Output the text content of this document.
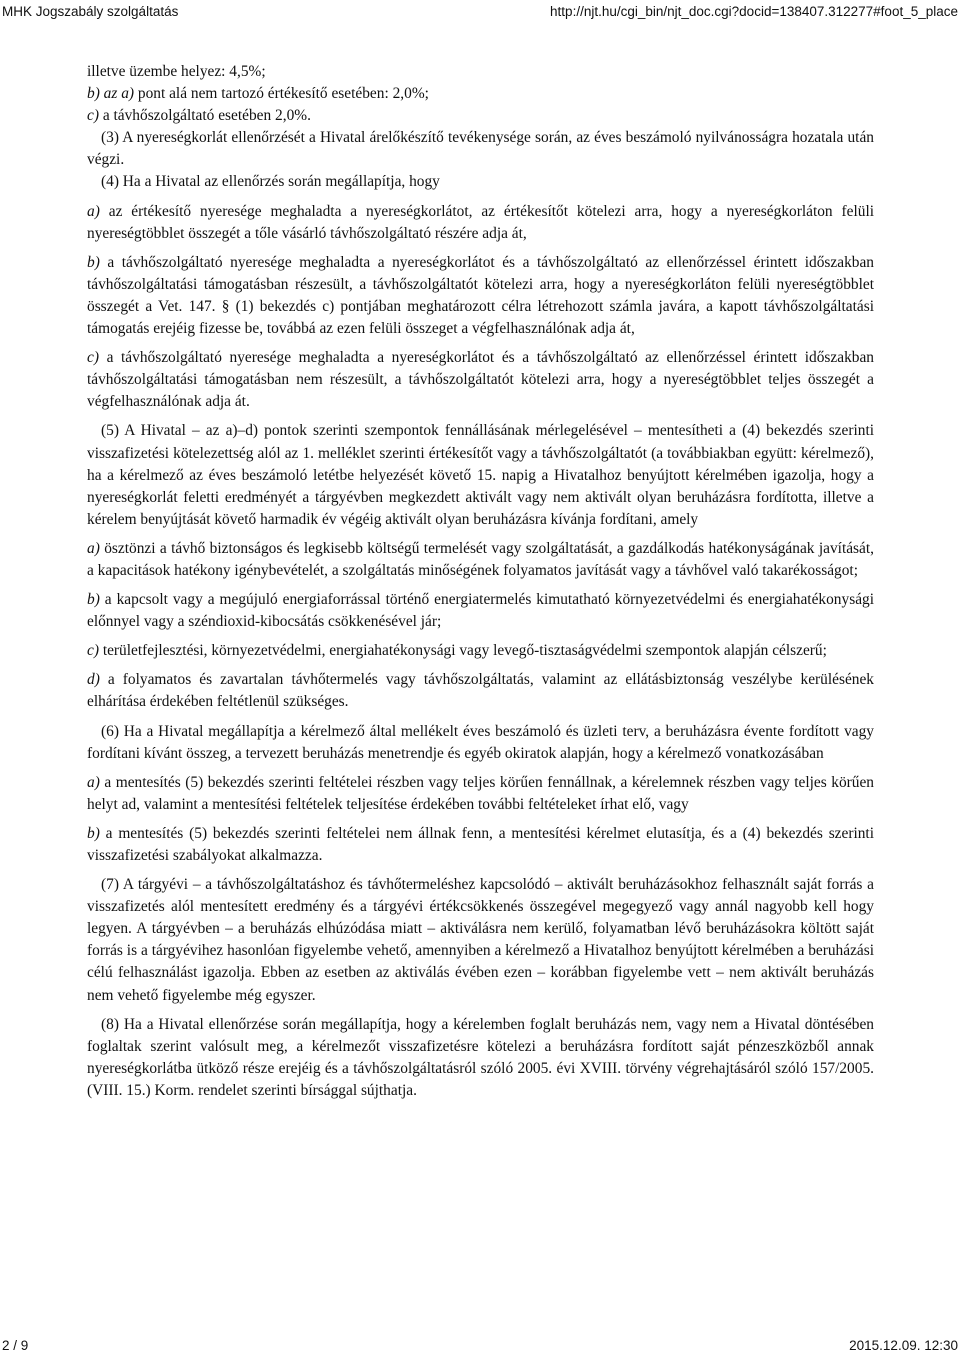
MHK Jogszabály szolgáltatás	http://njt.hu/cgi_bin/njt_doc.cgi?docid=138407.312277#foot_5_place

illetve üzembe helyez: 4,5%;

b) az a) pont alá nem tartozó értékesítő esetében: 2,0%;

c) a távhőszolgáltató esetében 2,0%.

(3) A nyereségkorlát ellenőrzését a Hivatal árelőkészítő tevékenysége során, az éves beszámoló nyilvánosságra hozatala után végzi.

(4) Ha a Hivatal az ellenőrzés során megállapítja, hogy

a) az értékesítő nyeresége meghaladta a nyereségkorlátot, az értékesítőt kötelezi arra, hogy a nyereségkorláton felüli nyereségtöbblet összegét a tőle vásárló távhőszolgáltató részére adja át,

b) a távhőszolgáltató nyeresége meghaladta a nyereségkorlátot és a távhőszolgáltató az ellenőrzéssel érintett időszakban távhőszolgáltatási támogatásban részesült, a távhőszolgáltatót kötelezi arra, hogy a nyereségkorláton felüli nyereségtöbblet összegét a Vet. 147. § (1) bekezdés c) pontjában meghatározott célra létrehozott számla javára, a kapott távhőszolgáltatási támogatás erejéig fizesse be, továbbá az ezen felüli összeget a végfelhasználónak adja át,

c) a távhőszolgáltató nyeresége meghaladta a nyereségkorlátot és a távhőszolgáltató az ellenőrzéssel érintett időszakban távhőszolgáltatási támogatásban nem részesült, a távhőszolgáltatót kötelezi arra, hogy a nyereségtöbblet teljes összegét a végfelhasználónak adja át.

(5) A Hivatal – az a)–d) pontok szerinti szempontok fennállásának mérlegelésével – mentesítheti a (4) bekezdés szerinti visszafizetési kötelezettség alól az 1. melléklet szerinti értékesítőt vagy a távhőszolgáltatót (a továbbiakban együtt: kérelmező), ha a kérelmező az éves beszámoló letétbe helyezését követő 15. napig a Hivatalhoz benyújtott kérelmében igazolja, hogy a nyereségkorlát feletti eredményét a tárgyévben megkezdett aktivált vagy nem aktivált olyan beruházásra fordította, illetve a kérelem benyújtását követő harmadik év végéig aktivált olyan beruházásra kívánja fordítani, amely

a) ösztönzi a távhő biztonságos és legkisebb költségű termelését vagy szolgáltatását, a gazdálkodás hatékonyságának javítását, a kapacitások hatékony igénybevételét, a szolgáltatás minőségének folyamatos javítását vagy a távhővel való takarékosságot;

b) a kapcsolt vagy a megújuló energiaforrással történő energiatermelés kimutatható környezetvédelmi és energiahatékonysági előnnyel vagy a széndioxid-kibocsátás csökkenésével jár;

c) területfejlesztési, környezetvédelmi, energiahatékonysági vagy levegő-tisztaságvédelmi szempontok alapján célszerű;

d) a folyamatos és zavartalan távhőtermelés vagy távhőszolgáltatás, valamint az ellátásbiztonság veszélybe kerülésének elhárítása érdekében feltétlenül szükséges.

(6) Ha a Hivatal megállapítja a kérelmező által mellékelt éves beszámoló és üzleti terv, a beruházásra évente fordított vagy fordítani kívánt összeg, a tervezett beruházás menetrendje és egyéb okiratok alapján, hogy a kérelmező vonatkozásában

a) a mentesítés (5) bekezdés szerinti feltételei részben vagy teljes körűen fennállnak, a kérelemnek részben vagy teljes körűen helyt ad, valamint a mentesítési feltételek teljesítése érdekében további feltételeket írhat elő, vagy

b) a mentesítés (5) bekezdés szerinti feltételei nem állnak fenn, a mentesítési kérelmet elutasítja, és a (4) bekezdés szerinti visszafizetési szabályokat alkalmazza.

(7) A tárgyévi – a távhőszolgáltatáshoz és távhőtermeléshez kapcsolódó – aktivált beruházásokhoz felhasznált saját forrás a visszafizetés alól mentesített eredmény és a tárgyévi értékcsökkenés összegével megegyező vagy annál nagyobb kell hogy legyen. A tárgyévben – a beruházás elhúzódása miatt – aktiválásra nem kerülő, folyamatban lévő beruházásokra költött saját forrás is a tárgyévihez hasonlóan figyelembe vehető, amennyiben a kérelmező a Hivatalhoz benyújtott kérelmében a beruházási célú felhasználást igazolja. Ebben az esetben az aktiválás évében ezen – korábban figyelembe vett – nem aktivált beruházás nem vehető figyelembe még egyszer.

(8) Ha a Hivatal ellenőrzése során megállapítja, hogy a kérelemben foglalt beruházás nem, vagy nem a Hivatal döntésében foglaltak szerint valósult meg, a kérelmezőt visszafizetésre kötelezi a beruházásra fordított saját pénzeszközből annak nyereségkorlátba ütköző része erejéig és a távhőszolgáltatásról szóló 2005. évi XVIII. törvény végrehajtásáról szóló 157/2005. (VIII. 15.) Korm. rendelet szerinti bírsággal sújthatja.

2 / 9	2015.12.09. 12:30
